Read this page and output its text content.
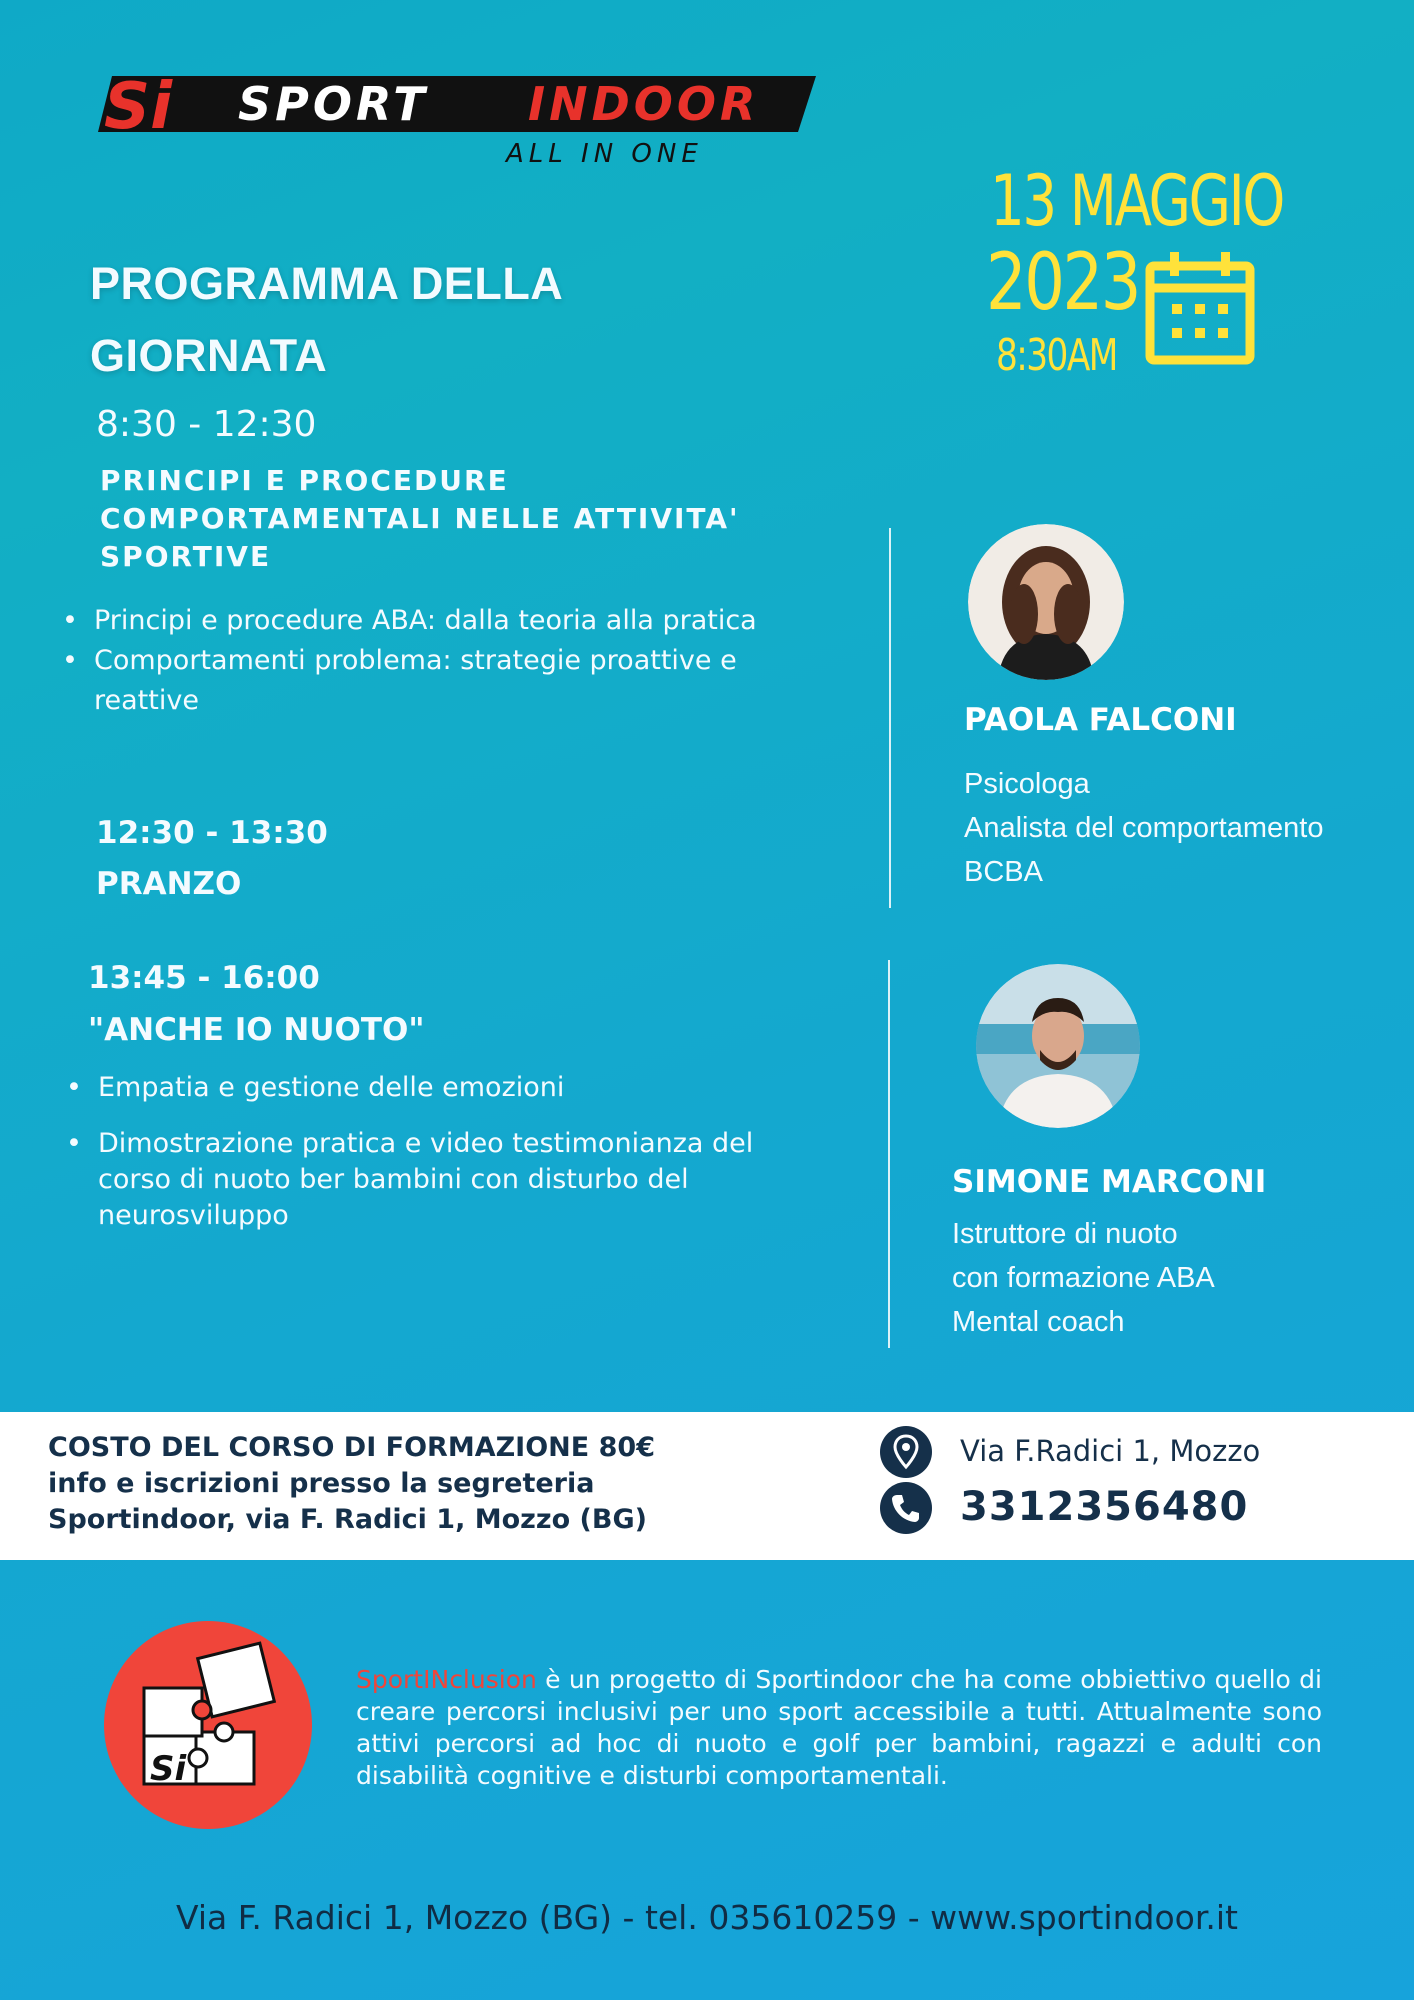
Si SPORT INDOOR
ALL IN ONE
13 MAGGIO
2023
8:30AM
PROGRAMMA DELLA
GIORNATA
8:30 - 12:30
PRINCIPI E PROCEDURE
COMPORTAMENTALI NELLE ATTIVITA'
SPORTIVE
• Principi e procedure ABA: dalla teoria alla pratica
• Comportamenti problema: strategie proattive e reattive
12:30 - 13:30
PRANZO
13:45 - 16:00
"ANCHE IO NUOTO"
• Empatia e gestione delle emozioni
• Dimostrazione pratica e video testimonianza del corso di nuoto ber bambini con disturbo del neurosviluppo
PAOLA FALCONI
Psicologa
Analista del comportamento
BCBA
SIMONE MARCONI
Istruttore di nuoto
con formazione ABA
Mental coach
COSTO DEL CORSO DI FORMAZIONE 80€
info e iscrizioni presso la segreteria
Sportindoor, via F. Radici 1, Mozzo (BG)
Via F.Radici 1, Mozzo
3312356480
Si
SportINclusion è un progetto di Sportindoor che ha come obbiettivo quello di creare percorsi inclusivi per uno sport accessibile a tutti. Attualmente sono attivi percorsi ad hoc di nuoto e golf per bambini, ragazzi e adulti con disabilità cognitive e disturbi comportamentali.
Via F. Radici 1, Mozzo (BG) - tel. 035610259 - www.sportindoor.it
